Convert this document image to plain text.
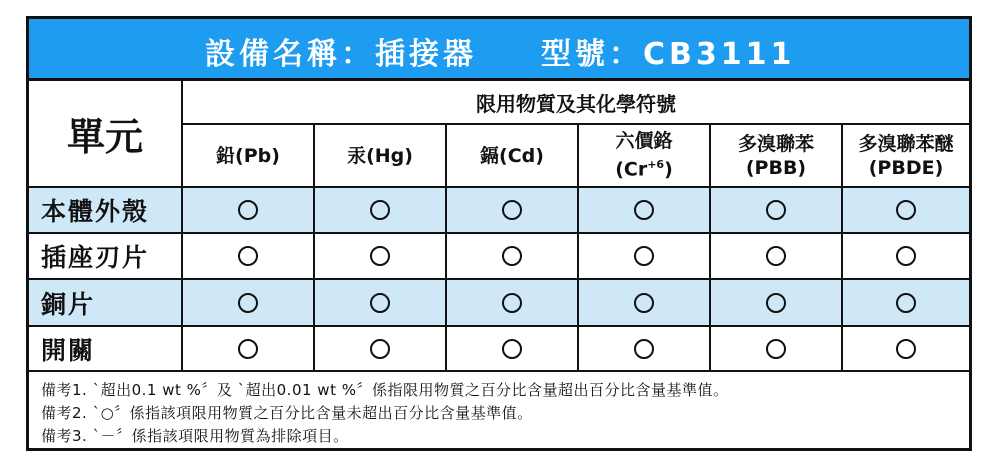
設備名稱：插接器 型號：CB3111
單元
限用物質及其化學符號
鉛(Pb)	汞(Hg)	鎘(Cd)
六價鉻
$(Cr^{+6})$
多溴聯苯
(PBB)
多溴聯苯醚
(PBDE)
本體外殼
插座刃片
銅片
開關
備考1. ˋ超出0.1 wt %〞及 ˋ超出0.01 wt %〞係指限用物質之百分比含量超出百分比含量基準值。
備考2. ˋ○〞係指該項限用物質之百分比含量未超出百分比含量基準值。
備考3. ˋ－〞係指該項限用物質為排除項目。
